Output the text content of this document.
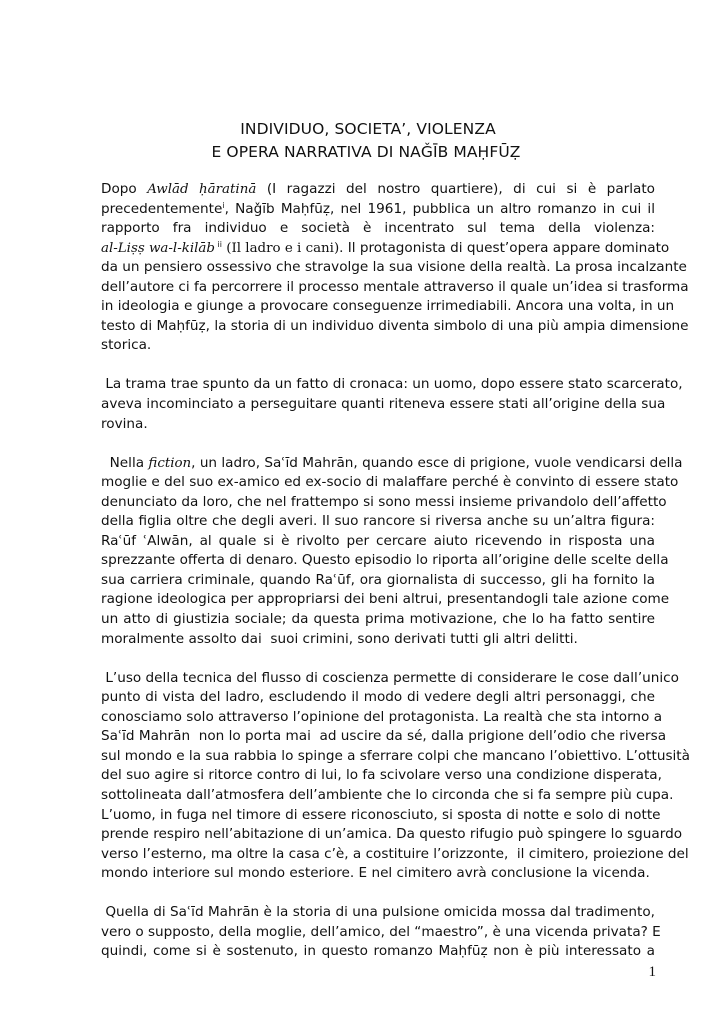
INDIVIDUO, SOCIETA’, VIOLENZA
E OPERA NARRATIVA DI NAǦĪB MAḤFŪẒ
Dopo Awlād ḥāratinā (I ragazzi del nostro quartiere), di cui si è parlato
precedentemente$^i$, Naǧīb Maḥfūẓ, nel 1961, pubblica un altro romanzo in cui il
rapporto fra individuo e società è incentrato sul tema della violenza:
al-Liṣṣ wa-l-kilāb $^{ii}$ (Il ladro e i cani). Il protagonista di quest’opera appare dominato
da un pensiero ossessivo che stravolge la sua visione della realtà. La prosa incalzante
dell’autore ci fa percorrere il processo mentale attraverso il quale un’idea si trasforma
in ideologia e giunge a provocare conseguenze irrimediabili. Ancora una volta, in un
testo di Maḥfūẓ, la storia di un individuo diventa simbolo di una più ampia dimensione
storica.
La trama trae spunto da un fatto di cronaca: un uomo, dopo essere stato scarcerato,
aveva incominciato a perseguitare quanti riteneva essere stati all’origine della sua
rovina.
Nella fiction, un ladro, Saʿīd Mahrān, quando esce di prigione, vuole vendicarsi della
moglie e del suo ex-amico ed ex-socio di malaffare perché è convinto di essere stato
denunciato da loro, che nel frattempo si sono messi insieme privandolo dell’affetto
della figlia oltre che degli averi. Il suo rancore si riversa anche su un’altra figura:
Raʿūf ʿAlwān, al quale si è rivolto per cercare aiuto ricevendo in risposta una
sprezzante offerta di denaro. Questo episodio lo riporta all’origine delle scelte della
sua carriera criminale, quando Raʿūf, ora giornalista di successo, gli ha fornito la
ragione ideologica per appropriarsi dei beni altrui, presentandogli tale azione come
un atto di giustizia sociale; da questa prima motivazione, che lo ha fatto sentire
moralmente assolto dai  suoi crimini, sono derivati tutti gli altri delitti.
L’uso della tecnica del flusso di coscienza permette di considerare le cose dall’unico
punto di vista del ladro, escludendo il modo di vedere degli altri personaggi, che
conosciamo solo attraverso l’opinione del protagonista. La realtà che sta intorno a
Saʿīd Mahrān  non lo porta mai  ad uscire da sé, dalla prigione dell’odio che riversa
sul mondo e la sua rabbia lo spinge a sferrare colpi che mancano l’obiettivo. L’ottusità
del suo agire si ritorce contro di lui, lo fa scivolare verso una condizione disperata,
sottolineata dall’atmosfera dell’ambiente che lo circonda che si fa sempre più cupa.
L’uomo, in fuga nel timore di essere riconosciuto, si sposta di notte e solo di notte
prende respiro nell’abitazione di un’amica. Da questo rifugio può spingere lo sguardo
verso l’esterno, ma oltre la casa c’è, a costituire l’orizzonte,  il cimitero, proiezione del
mondo interiore sul mondo esteriore. E nel cimitero avrà conclusione la vicenda.
Quella di Saʿīd Mahrān è la storia di una pulsione omicida mossa dal tradimento,
vero o supposto, della moglie, dell’amico, del “maestro”, è una vicenda privata? E
quindi, come si è sostenuto, in questo romanzo Maḥfūẓ non è più interessato a
1
